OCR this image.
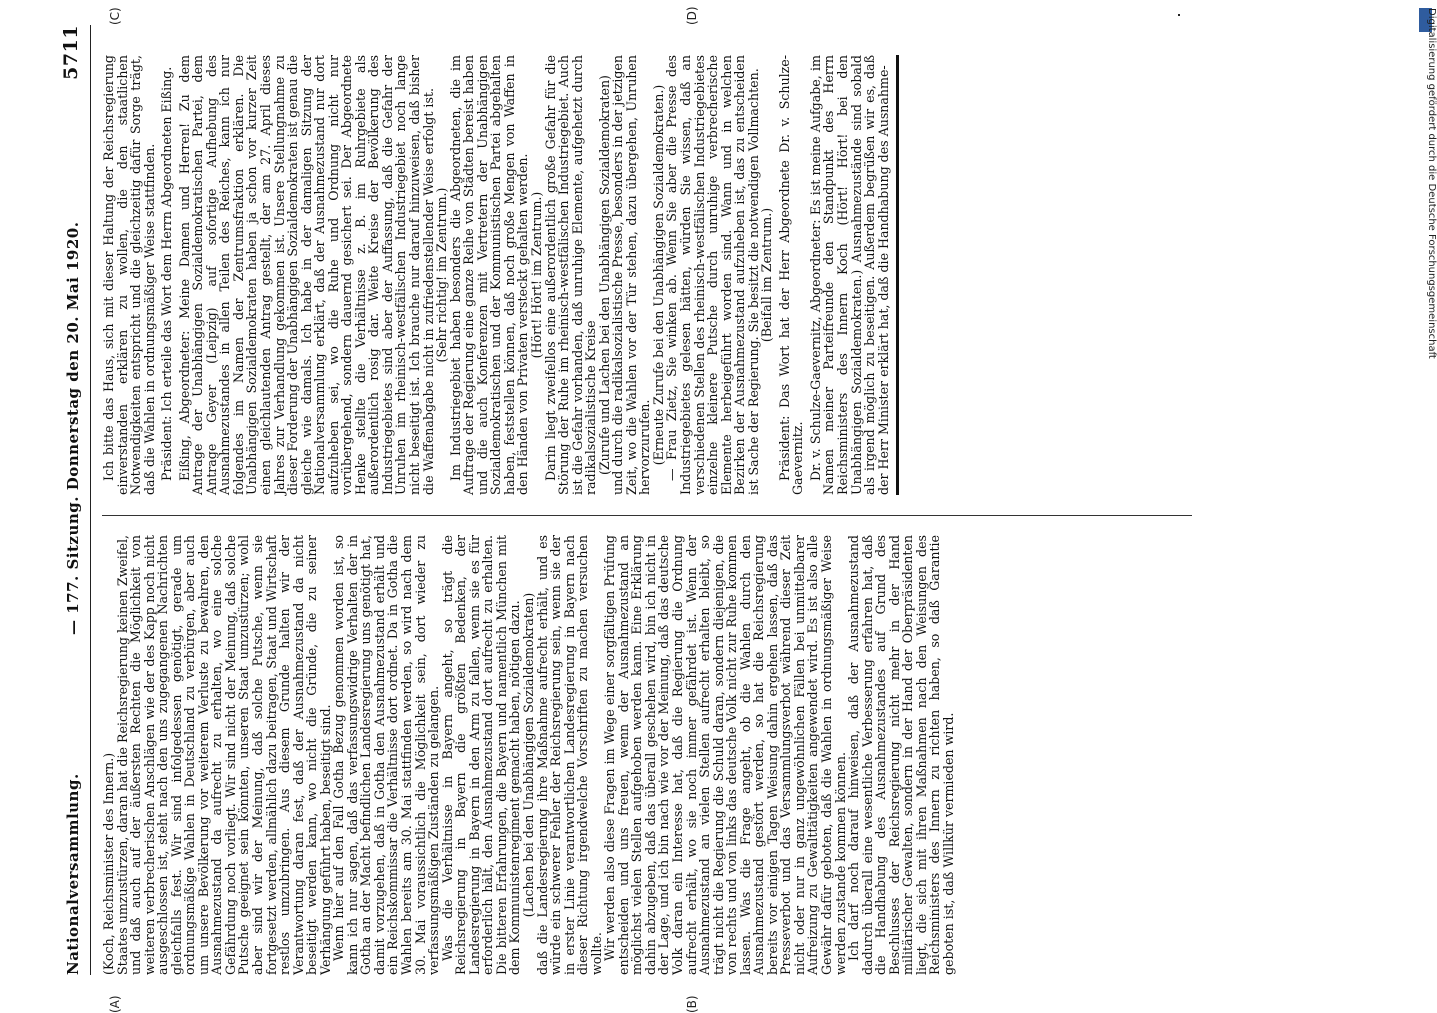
Nationalversammlung.
— 177. Sitzung. Donnerstag den 20. Mai 1920.
5711
(A)	(B)
(C)	(D)

(Koch, Reichsminister des Innern.)

Staates umzustürzen, daran hat die Reichsregierung keinen Zweifel, und daß auch auf der äußersten Rechten die Möglichkeit von weiteren verbrecherischen Anschlägen wie der des Kapp noch nicht ausgeschlossen ist, steht nach den uns zugegangenen Nachrichten gleichfalls fest. Wir sind infolgedessen genötigt, gerade um ordnungsmäßige Wahlen in Deutschland zu verbürgen, aber auch um unsere Bevölkerung vor weiterem Verluste zu bewahren, den Ausnahmezustand da aufrecht zu erhalten, wo eine solche Gefährdung noch vorliegt. Wir sind nicht der Meinung, daß solche Putsche geeignet sein könnten, unseren Staat umzustürzen; wohl aber sind wir der Meinung, daß solche Putsche, wenn sie fortgesetzt werden, allmählich dazu beitragen, Staat und Wirtschaft restlos umzubringen. Aus diesem Grunde halten wir der Verantwortung daran fest, daß der Ausnahmezustand da nicht beseitigt werden kann, wo nicht die Gründe, die zu seiner Verhängung geführt haben, beseitigt sind.

Wenn hier auf den Fall Gotha Bezug genommen worden ist, so kann ich nur sagen, daß das verfassungswidrige Verhalten der in Gotha an der Macht befindlichen Landesregierung uns genötigt hat, damit vorzugehen, daß in Gotha den Ausnahmezustand erhält und ein Reichskommissar die Verhältnisse dort ordnet. Da in Gotha die Wahlen bereits am 30. Mai stattfinden werden, so wird nach dem 30. Mai voraussichtlich die Möglichkeit sein, dort wieder zu verfassungsmäßigen Zuständen zu gelangen.

Was die Verhältnisse in Bayern angeht, so trägt die Reichsregierung in Bayern die größten Bedenken, der Landesregierung in Bayern in den Arm zu fallen, wenn sie es für erforderlich hält, den Ausnahmezustand dort aufrecht zu erhalten. Die bitteren Erfahrungen, die Bayern und namentlich München mit dem Kommunistenregiment gemacht haben, nötigen dazu.

(Lachen bei den Unabhängigen Sozialdemokraten)

daß die Landesregierung ihre Maßnahme aufrecht erhält, und es würde ein schwerer Fehler der Reichsregierung sein, wenn sie der in erster Linie verantwortlichen Landesregierung in Bayern nach dieser Richtung irgendwelche Vorschriften zu machen versuchen wollte.

Wir werden also diese Fragen im Wege einer sorgfältigen Prüfung entscheiden und uns freuen, wenn der Ausnahmezustand an möglichst vielen Stellen aufgehoben werden kann. Eine Erklärung dahin abzugeben, daß das überall geschehen wird, bin ich nicht in der Lage, und ich bin nach wie vor der Meinung, daß das deutsche Volk daran ein Interesse hat, daß die Regierung die Ordnung aufrecht erhält, wo sie noch immer gefährdet ist. Wenn der Ausnahmezustand an vielen Stellen aufrecht erhalten bleibt, so trägt nicht die Regierung die Schuld daran, sondern diejenigen, die von rechts und von links das deutsche Volk nicht zur Ruhe kommen lassen. Was die Frage angeht, ob die Wahlen durch den Ausnahmezustand gestört werden, so hat die Reichsregierung bereits vor einigen Tagen Weisung dahin ergehen lassen, daß das Presseverbot und das Versammlungsverbot während dieser Zeit nicht oder nur in ganz ungewöhnlichen Fällen bei unmittelbarer Aufreizung zu Gewalttätigkeiten angewendet wird. Es ist also alle Gewähr dafür geboten, daß die Wahlen in ordnungsmäßiger Weise werden zustande kommen können.

Ich darf noch darauf hinweisen, daß der Ausnahmezustand dadurch überall eine wesentliche Verbesserung erfahren hat, daß die Handhabung des Ausnahmezustandes auf Grund des Beschlusses der Reichsregierung nicht mehr in der Hand militärischer Gewalten, sondern in der Hand der Oberpräsidenten liegt, die sich mit ihren Maßnahmen nach den Weisungen des Reichsministers des Innern zu richten haben, so daß Garantie geboten ist, daß Willkür vermieden wird.

Ich bitte das Haus, sich mit dieser Haltung der Reichsregierung einverstanden erklären zu wollen, die den staatlichen Notwendigkeiten entspricht und die gleichzeitig dafür Sorge trägt, daß die Wahlen in ordnungsmäßiger Weise stattfinden. Präsident: Ich erteile das Wort dem Herrn Abgeordneten Eißing. Eißing, Abgeordneter: Meine Damen und Herren! Zu dem Antrage der Unabhängigen Sozialdemokratischen Partei, dem Antrage Geyer (Leipzig) auf sofortige Aufhebung des Ausnahmezustandes in allen Teilen des Reiches, kann ich nur folgendes im Namen der Zentrumsfraktion erklären. Die Unabhängigen Sozialdemokraten haben ja schon vor kurzer Zeit einen gleichlautenden Antrag gestellt, der am 27. April dieses Jahres zur Verhandlung gekommen ist. Unsere Stellungnahme zu dieser Forderung der Unabhängigen Sozialdemokraten ist genau die gleiche wie damals. Ich habe in der damaligen Sitzung der Nationalversammlung erklärt, daß der Ausnahmezustand nur dort aufzuheben sei, wo die Ruhe und Ordnung nicht nur vorübergehend, sondern dauernd gesichert sei. Der Abgeordnete Henke stellte die Verhältnisse z. B. im Ruhrgebiete als außerordentlich rosig dar. Weite Kreise der Bevölkerung des Industriegebietes sind aber der Auffassung, daß die Gefahr der Unruhen im rheinisch-westfälischen Industriegebiet noch lange nicht beseitigt ist. Ich brauche nur darauf hinzuweisen, daß bisher die Waffenabgabe nicht in zufriedenstellender Weise erfolgt ist.

(Sehr richtig! im Zentrum.)

Im Industriegebiet haben besonders die Abgeordneten, die im Auftrage der Regierung eine ganze Reihe von Städten bereist haben und die auch Konferenzen mit Vertretern der Unabhängigen Sozialdemokratischen und der Kommunistischen Partei abgehalten haben, feststellen können, daß noch große Mengen von Waffen in den Händen von Privaten versteckt gehalten werden.

(Hört! Hört! im Zentrum.)

Darin liegt zweifellos eine außerordentlich große Gefahr für die Störung der Ruhe im rheinisch-westfälischen Industriegebiet. Auch ist die Gefahr vorhanden, daß unruhige Elemente, aufgehetzt durch radikalsozialistische Kreise

(Zurufe und Lachen bei den Unabhängigen Sozialdemokraten)

und durch die radikalsozialistische Presse, besonders in der jetzigen Zeit, wo die Wahlen vor der Tür stehen, dazu übergehen, Unruhen hervorzurufen.

(Erneute Zurufe bei den Unabhängigen Sozialdemokraten.)

— Frau Zietz, Sie winken ab. Wenn Sie aber die Presse des Industriegebietes gelesen hätten, würden Sie wissen, daß an verschiedenen Stellen des rheinisch-westfälischen Industriegebietes einzelne kleinere Putsche durch unruhige verbrecherische Elemente herbeigeführt worden sind. Wann und in welchen Bezirken der Ausnahmezustand aufzuheben ist, das zu entscheiden ist Sache der Regierung. Sie besitzt die notwendigen Vollmachten.

(Beifall im Zentrum.) Präsident: Das Wort hat der Herr Abgeordnete Dr. v. Schulze-Gaevernitz. Dr. v. Schulze-Gaevernitz, Abgeordneter: Es ist meine Aufgabe, im Namen meiner Parteifreunde den Standpunkt des Herrn Reichsministers des Innern Koch (Hört! Hört! bei den Unabhängigen Sozialdemokraten.) Ausnahmezustände sind sobald als irgend möglich zu beseitigen. Außerdem begrüßen wir es, daß der Herr Minister erklärt hat, daß die Handhabung des Ausnahme-	Digitalisierung gefördert durch die Deutsche Forschungsgemeinschaft
